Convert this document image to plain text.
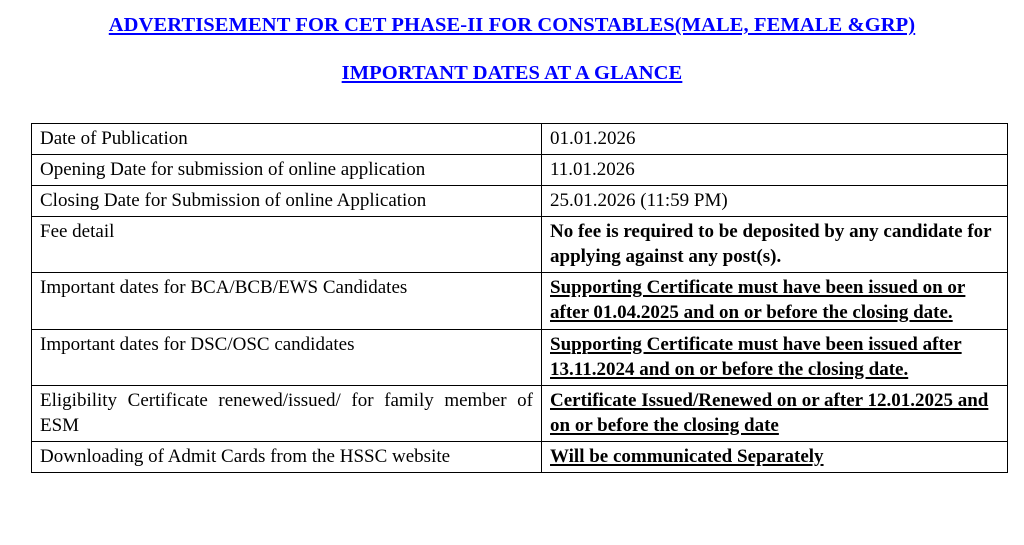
ADVERTISEMENT FOR CET PHASE-II FOR CONSTABLES(MALE, FEMALE &GRP)
IMPORTANT DATES AT A GLANCE
Date of Publication	01.01.2026
Opening Date for submission of online application	11.01.2026
Closing Date for Submission of online Application	25.01.2026 (11:59 PM)
Fee detail	No fee is required to be deposited by any candidate for applying against any post(s).
Important dates for BCA/BCB/EWS Candidates	Supporting Certificate must have been issued on or after 01.04.2025 and on or before the closing date.
Important dates for DSC/OSC candidates	Supporting Certificate must have been issued after 13.11.2024 and on or before the closing date.
Eligibility Certificate renewed/issued/ for family member of ESM	Certificate Issued/Renewed on or after 12.01.2025 and on or before the closing date
Downloading of Admit Cards from the HSSC website	Will be communicated Separately
